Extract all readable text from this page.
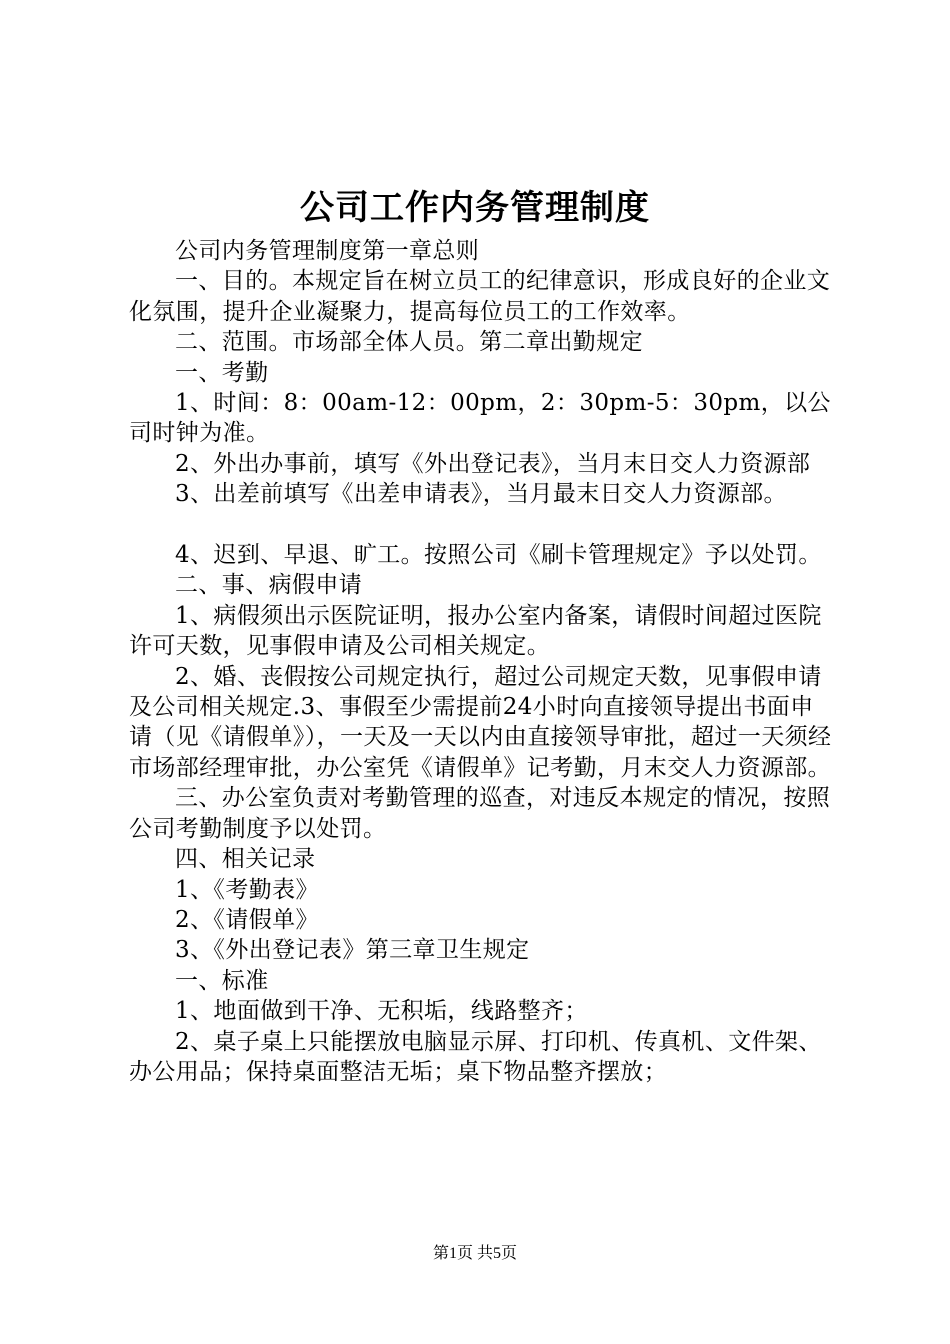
公司工作内务管理制度

公司内务管理制度第一章总则

一、目的。本规定旨在树立员工的纪律意识，形成良好的企业文化氛围，提升企业凝聚力，提高每位员工的工作效率。

二、范围。市场部全体人员。第二章出勤规定

一、考勤

1、时间：8：00am-12：00pm，2：30pm-5：30pm，以公司时钟为准。

2、外出办事前，填写《外出登记表》，当月末日交人力资源部

3、出差前填写《出差申请表》，当月最末日交人力资源部。

4、迟到、早退、旷工。按照公司《刷卡管理规定》予以处罚。

二、事、病假申请

1、病假须出示医院证明，报办公室内备案，请假时间超过医院许可天数，见事假申请及公司相关规定。

2、婚、丧假按公司规定执行，超过公司规定天数，见事假申请及公司相关规定.3、事假至少需提前24小时向直接领导提出书面申请（见《请假单》），一天及一天以内由直接领导审批，超过一天须经市场部经理审批，办公室凭《请假单》记考勤，月末交人力资源部。

三、办公室负责对考勤管理的巡查，对违反本规定的情况，按照公司考勤制度予以处罚。

四、相关记录

1、《考勤表》

2、《请假单》

3、《外出登记表》第三章卫生规定

一、标准

1、地面做到干净、无积垢，线路整齐；

2、桌子桌上只能摆放电脑显示屏、打印机、传真机、文件架、办公用品；保持桌面整洁无垢；桌下物品整齐摆放；

第1页 共5页
